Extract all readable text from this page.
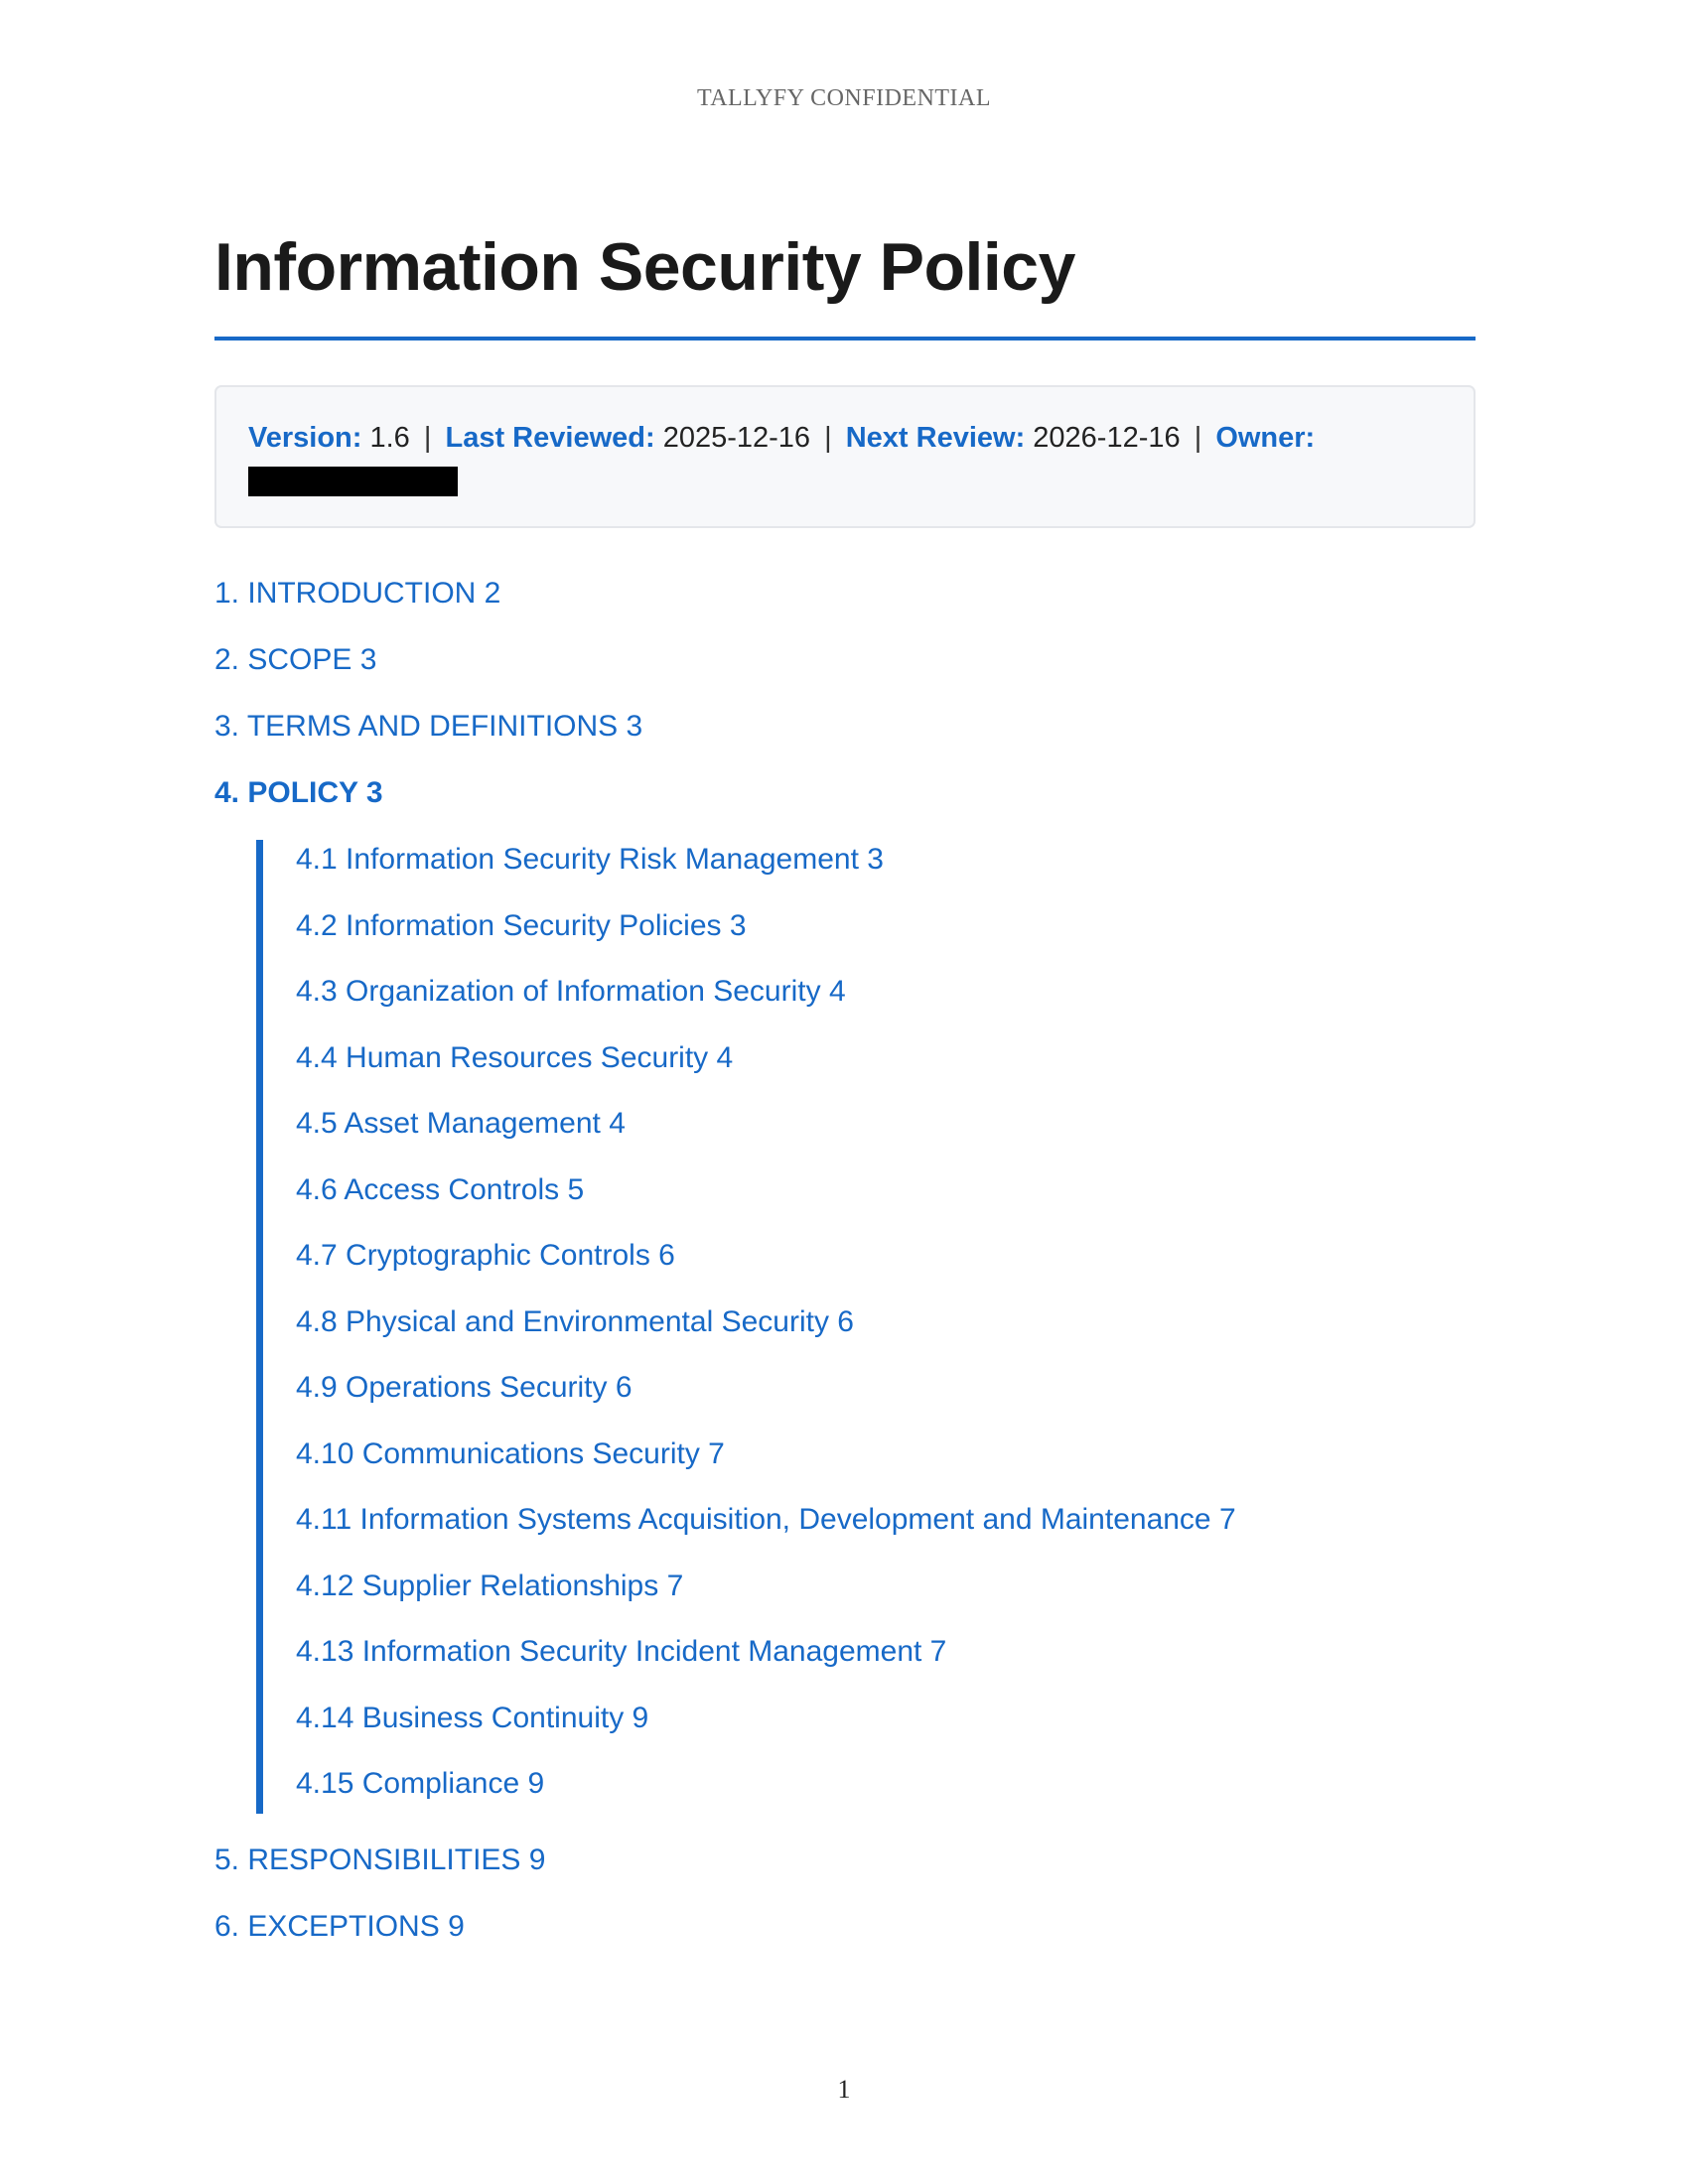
TALLYFY CONFIDENTIAL
Information Security Policy
Version: 1.6 | Last Reviewed: 2025-12-16 | Next Review: 2026-12-16 | Owner:
1. INTRODUCTION 2
2. SCOPE 3
3. TERMS AND DEFINITIONS 3
4. POLICY 3
4.1 Information Security Risk Management 3
4.2 Information Security Policies 3
4.3 Organization of Information Security 4
4.4 Human Resources Security 4
4.5 Asset Management 4
4.6 Access Controls 5
4.7 Cryptographic Controls 6
4.8 Physical and Environmental Security 6
4.9 Operations Security 6
4.10 Communications Security 7
4.11 Information Systems Acquisition, Development and Maintenance 7
4.12 Supplier Relationships 7
4.13 Information Security Incident Management 7
4.14 Business Continuity 9
4.15 Compliance 9
5. RESPONSIBILITIES 9
6. EXCEPTIONS 9
1
